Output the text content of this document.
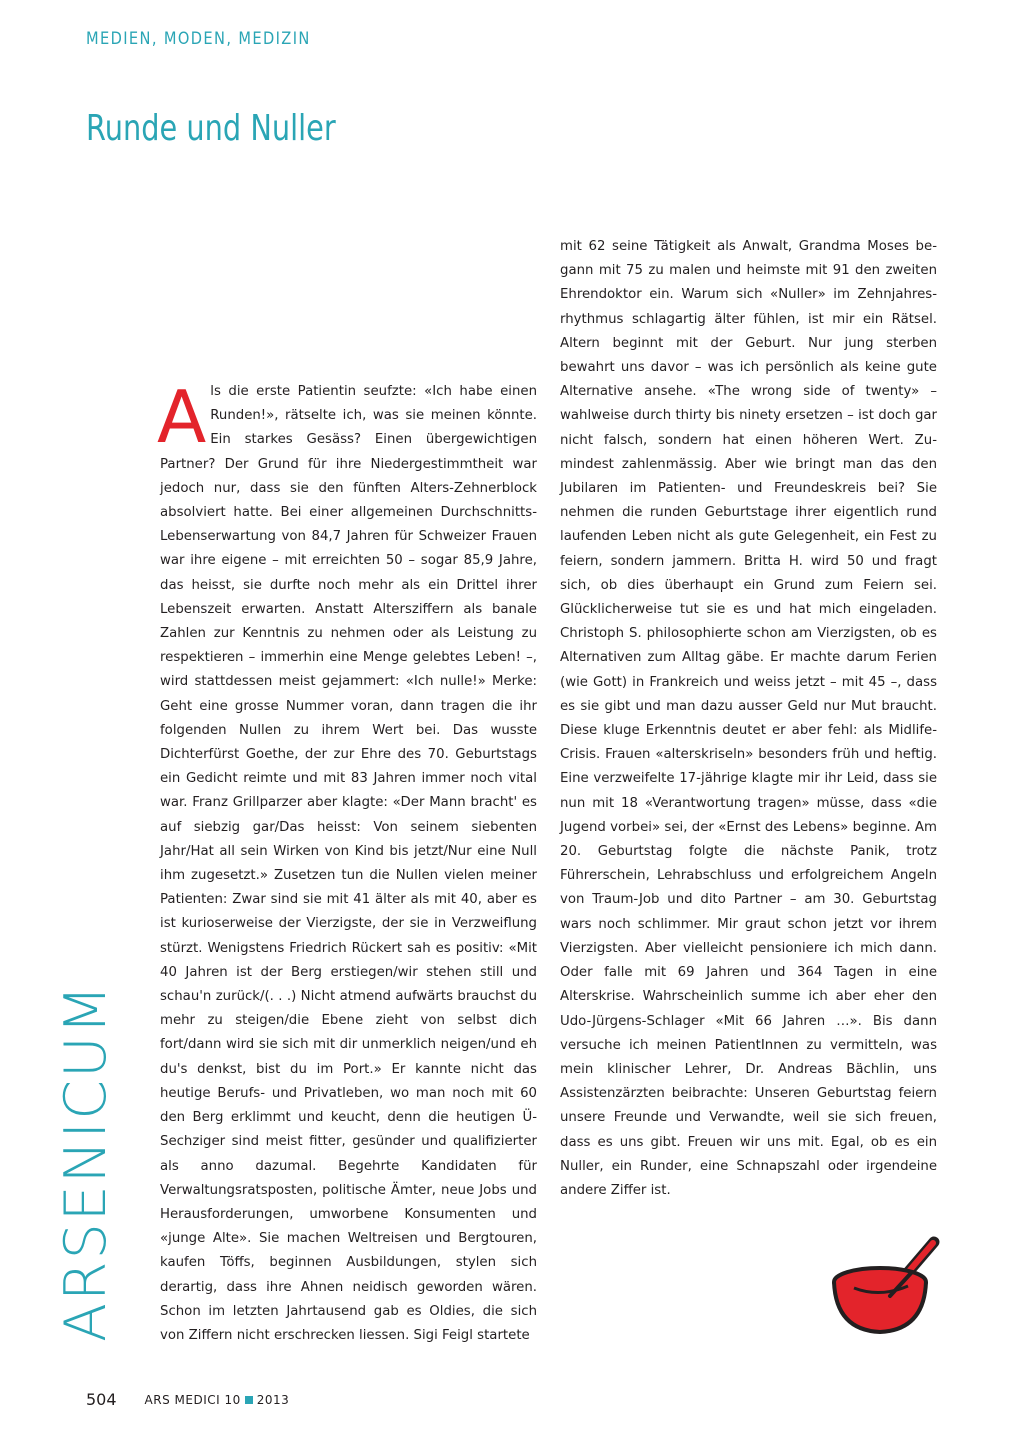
MEDIEN, MODEN, MEDIZIN
Runde und Nuller
A ls die erste Patientin seufzte: «Ich habe einen Runden!», rätselte ich, was sie meinen könnte. Ein starkes Gesäss? Einen übergewichtigen Partner? Der Grund für ihre Niedergestimmtheit war jedoch nur, dass sie den fünften Alters-Zehnerblock absolviert hatte. Bei einer allgemeinen DurchschnittsLebenserwartung von 84,7 Jahren für Schweizer Frauen war ihre eigene – mit erreichten 50 – sogar 85,9 Jahre, das heisst, sie durfte noch mehr als ein Drittel ihrer Lebenszeit erwarten. Anstatt Altersziffern als banale Zahlen zur Kenntnis zu nehmen oder als Leistung zu respektieren – immerhin eine Menge gelebtes Leben! –, wird stattdessen meist gejammert: «Ich nulle!» Merke: Geht eine grosse Nummer voran, dann tragen die ihr folgenden Nullen zu ihrem Wert bei. Das wusste Dichterfürst Goethe, der zur Ehre des 70. Geburtstags ein Gedicht reimte und mit 83 Jahren immer noch vital war. Franz Grillparzer aber klagte: «Der Mann bracht' es auf siebzig gar/Das heisst: Von seinem siebenten Jahr/Hat all sein Wirken von Kind bis jetzt/Nur eine Null ihm zugesetzt.» Zusetzen tun die Nullen vielen meiner Patienten: Zwar sind sie mit 41 älter als mit 40, aber es ist kurioserweise der Vierzigste, der sie in Verzweiflung stürzt. Wenigstens Friedrich Rückert sah es positiv: «Mit 40 Jahren ist der Berg erstiegen/wir stehen still und schau'n zurück/(. . .) Nicht atmend aufwärts brauchst du mehr zu steigen/die Ebene zieht von selbst dich fort/dann wird sie sich mit dir unmerklich neigen/und eh du's denkst, bist du im Port.» Er kannte nicht das heutige Berufs- und Privatleben, wo man noch mit 60 den Berg erklimmt und keucht, denn die heutigen Ü-Sechziger sind meist fitter, gesünder und qualifizierter als anno dazumal. Begehrte Kandidaten für Verwaltungsratsposten, politische Ämter, neue Jobs und Herausforderungen, umworbene Konsumenten und «junge Alte». Sie machen Weltreisen und Bergtouren, kaufen Töffs, beginnen Ausbildungen, stylen sich derartig, dass ihre Ahnen neidisch geworden wären. Schon im letzten Jahrtausend gab es Oldies, die sich von Ziffern nicht erschrecken liessen. Sigi Feigl startete

mit 62 seine Tätigkeit als Anwalt, Grandma Moses begann mit 75 zu malen und heimste mit 91 den zweiten Ehrendoktor ein. Warum sich «Nuller» im Zehnjahresrhythmus schlagartig älter fühlen, ist mir ein Rätsel. Altern beginnt mit der Geburt. Nur jung sterben bewahrt uns davor – was ich persönlich als keine gute Alternative ansehe. «The wrong side of twenty» – wahlweise durch thirty bis ninety ersetzen – ist doch gar nicht falsch, sondern hat einen höheren Wert. Zumindest zahlenmässig. Aber wie bringt man das den Jubilaren im Patienten- und Freundeskreis bei? Sie nehmen die runden Geburtstage ihrer eigentlich rund laufenden Leben nicht als gute Gelegenheit, ein Fest zu feiern, sondern jammern. Britta H. wird 50 und fragt sich, ob dies überhaupt ein Grund zum Feiern sei. Glücklicherweise tut sie es und hat mich eingeladen. Christoph S. philosophierte schon am Vierzigsten, ob es Alternativen zum Alltag gäbe. Er machte darum Ferien (wie Gott) in Frankreich und weiss jetzt – mit 45 –, dass es sie gibt und man dazu ausser Geld nur Mut braucht. Diese kluge Erkenntnis deutet er aber fehl: als Midlife-Crisis. Frauen «alterskriseln» besonders früh und heftig. Eine verzweifelte 17-jährige klagte mir ihr Leid, dass sie nun mit 18 «Verantwortung tragen» müsse, dass «die Jugend vorbei» sei, der «Ernst des Lebens» beginne. Am 20. Geburtstag folgte die nächste Panik, trotz Führerschein, Lehrabschluss und erfolgreichem Angeln von Traum-Job und dito Partner – am 30. Geburtstag wars noch schlimmer. Mir graut schon jetzt vor ihrem Vierzigsten. Aber vielleicht pensioniere ich mich dann. Oder falle mit 69 Jahren und 364 Tagen in eine Alterskrise. Wahrscheinlich summe ich aber eher den Udo-Jürgens-Schlager «Mit 66 Jahren …». Bis dann versuche ich meinen PatientInnen zu vermitteln, was mein klinischer Lehrer, Dr. Andreas Bächlin, uns Assistenzärzten beibrachte: Unseren Geburtstag feiern unsere Freunde und Verwandte, weil sie sich freuen, dass es uns gibt. Freuen wir uns mit. Egal, ob es ein Nuller, ein Runder, eine Schnapszahl oder irgendeine andere Ziffer ist.

ARSENICUM
504 ARS MEDICI 10 2013
